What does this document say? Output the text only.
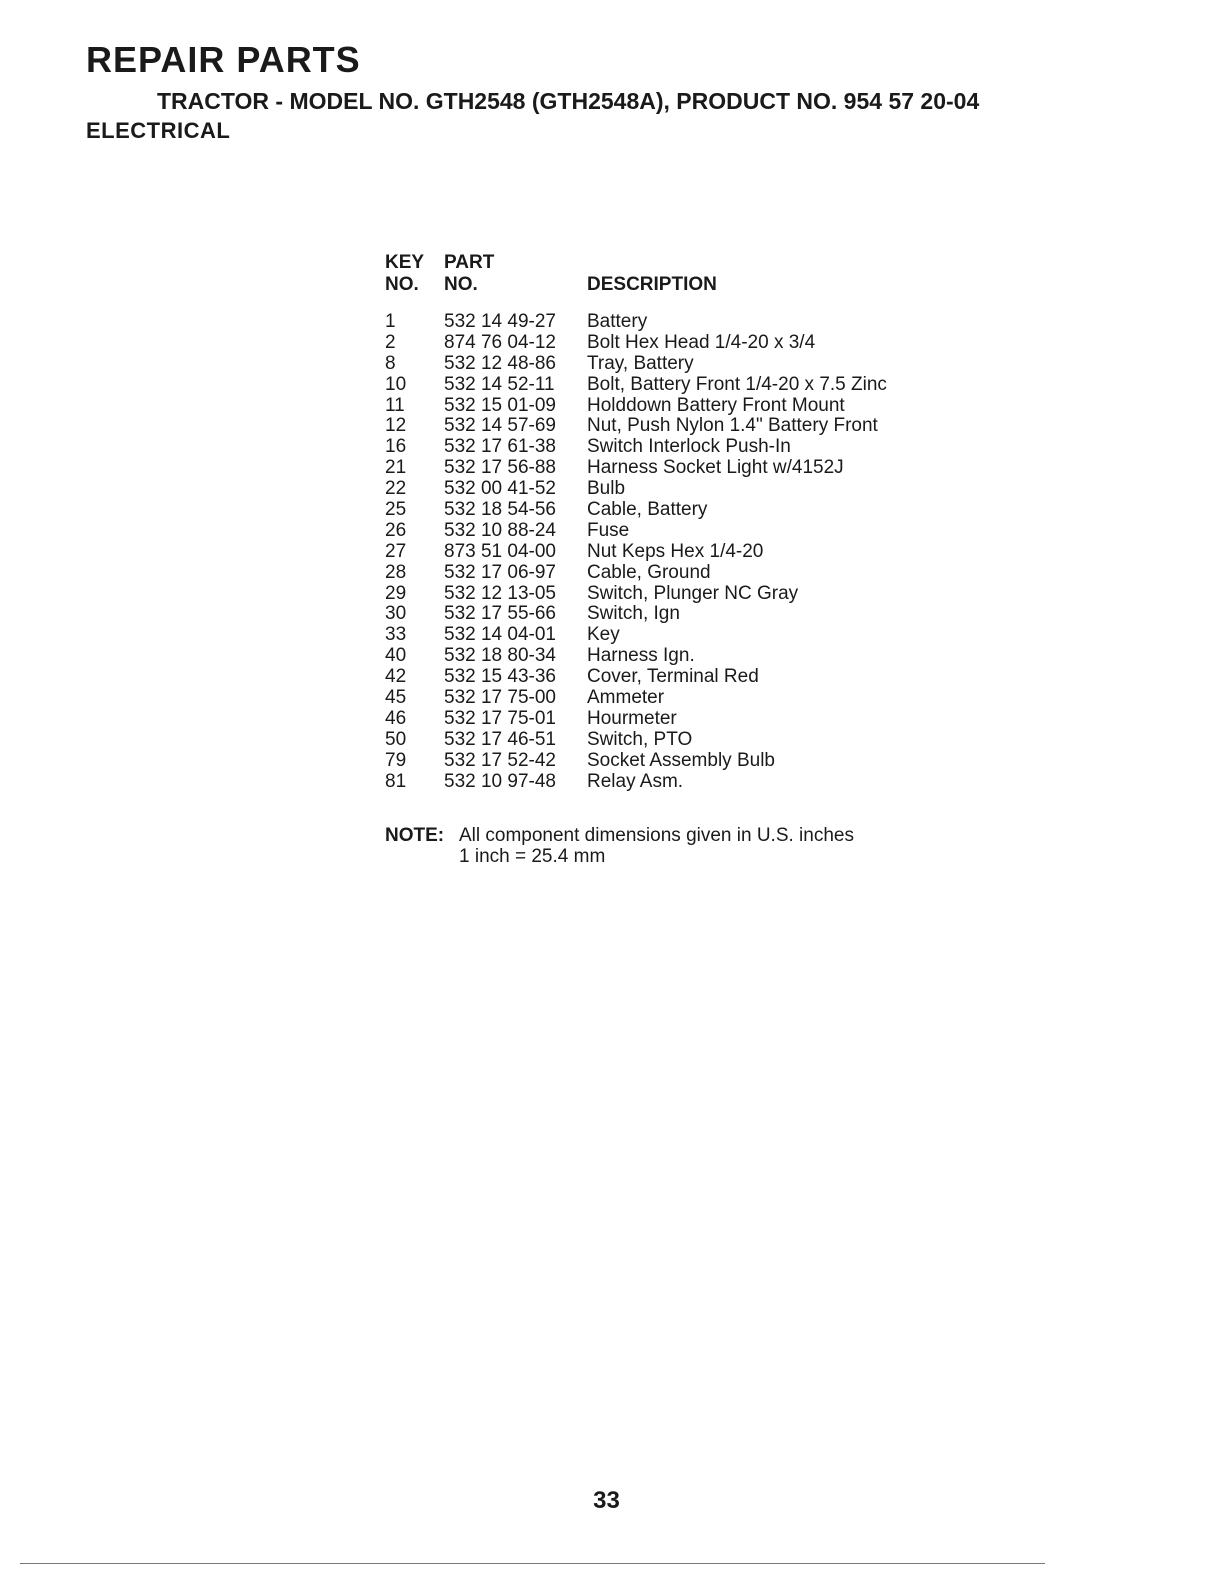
REPAIR PARTS
TRACTOR - MODEL NO. GTH2548 (GTH2548A), PRODUCT NO. 954 57 20-04
ELECTRICAL
KEY	PART
NO.	NO.	DESCRIPTION
1	532 14 49-27	Battery
2	874 76 04-12	Bolt Hex Head 1/4-20 x 3/4
8	532 12 48-86	Tray, Battery
10	532 14 52-11	Bolt, Battery Front 1/4-20 x 7.5 Zinc
11	532 15 01-09	Holddown Battery Front Mount
12	532 14 57-69	Nut, Push Nylon 1.4" Battery Front
16	532 17 61-38	Switch Interlock Push-In
21	532 17 56-88	Harness Socket Light w/4152J
22	532 00 41-52	Bulb
25	532 18 54-56	Cable, Battery
26	532 10 88-24	Fuse
27	873 51 04-00	Nut Keps Hex 1/4-20
28	532 17 06-97	Cable, Ground
29	532 12 13-05	Switch, Plunger NC Gray
30	532 17 55-66	Switch, Ign
33	532 14 04-01	Key
40	532 18 80-34	Harness Ign.
42	532 15 43-36	Cover, Terminal Red
45	532 17 75-00	Ammeter
46	532 17 75-01	Hourmeter
50	532 17 46-51	Switch, PTO
79	532 17 52-42	Socket Assembly Bulb
81	532 10 97-48	Relay Asm.
NOTE: All component dimensions given in U.S. inches
1 inch = 25.4 mm
33
